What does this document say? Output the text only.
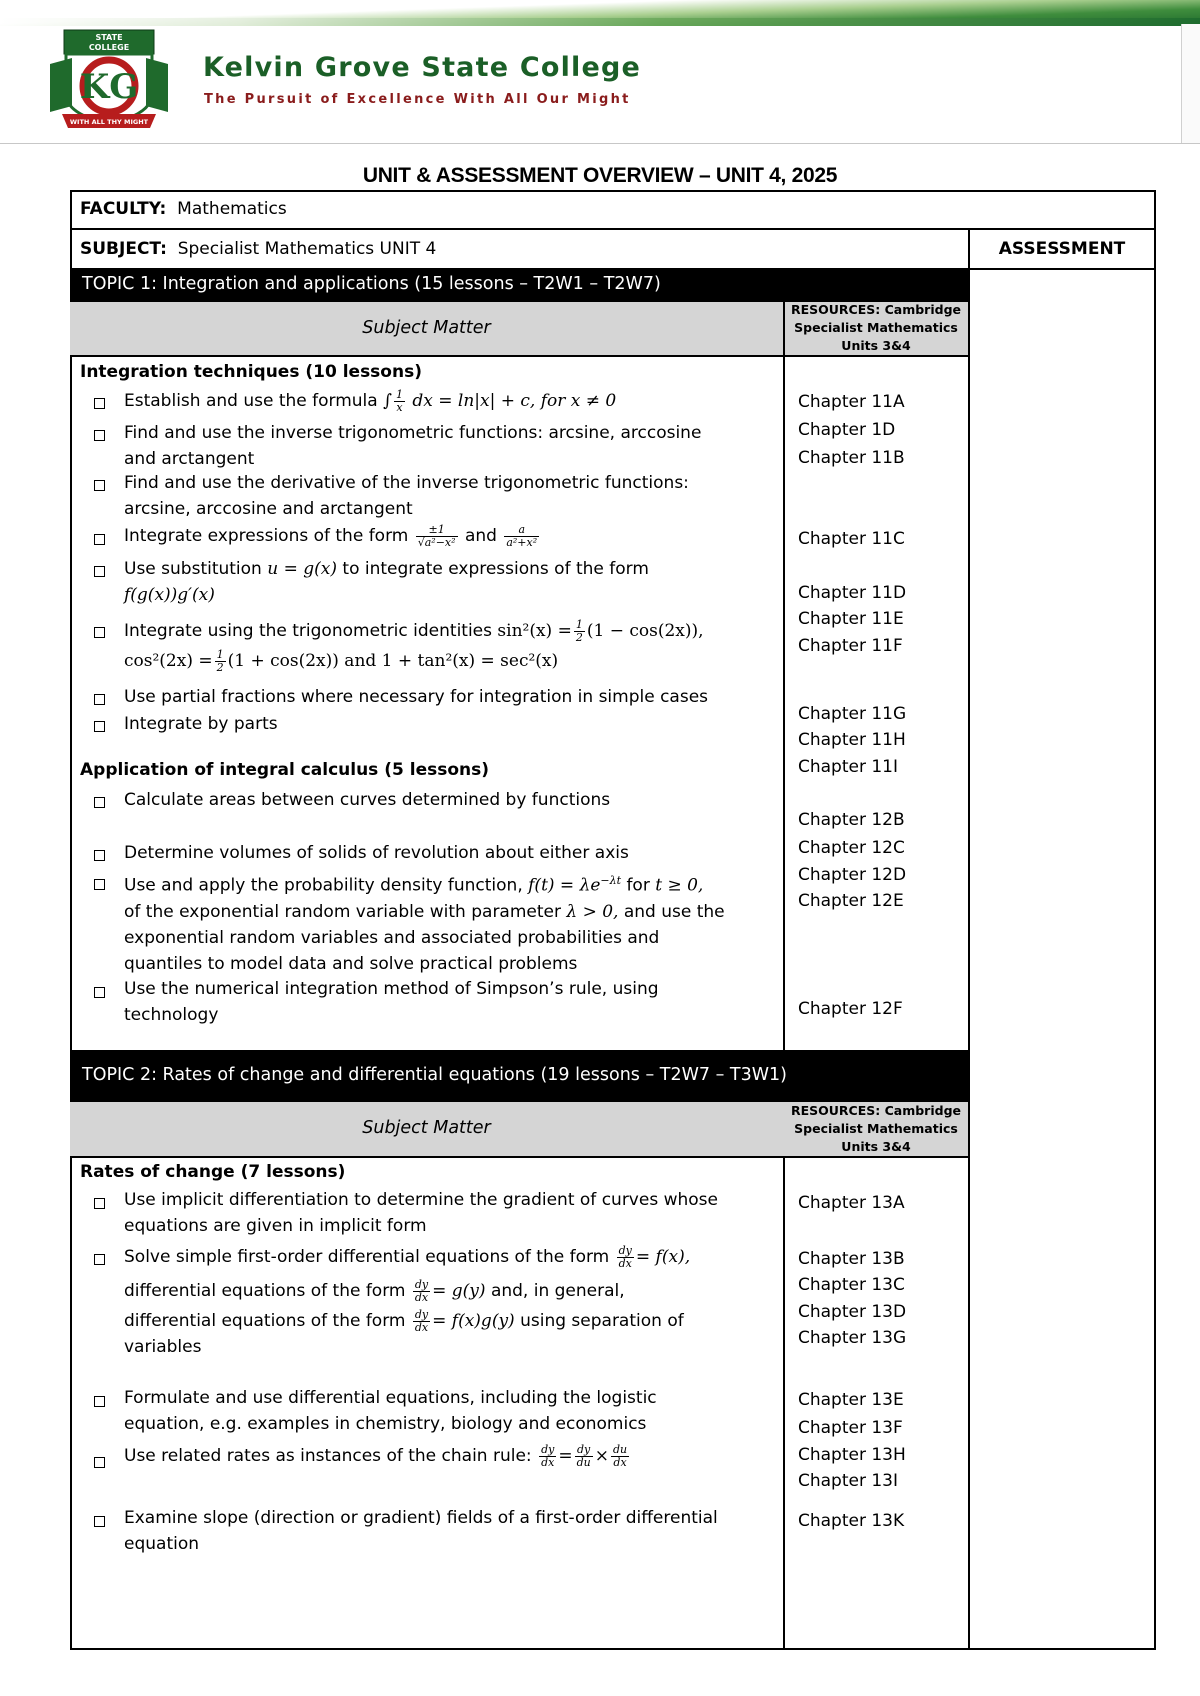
STATE
COLLEGE
KG
WITH ALL THY MIGHT
Kelvin Grove State College
The Pursuit of Excellence With All Our Might
UNIT & ASSESSMENT OVERVIEW – UNIT 4, 2025
FACULTY: Mathematics
SUBJECT: Specialist Mathematics UNIT 4	ASSESSMENT
TOPIC 1: Integration and applications (15 lessons – T2W1 – T2W7)
Subject Matter
RESOURCES: Cambridge
Specialist Mathematics
Units 3&4
Integration techniques (10 lessons)
Establish and use the formula ∫ $\frac{1}{x}$ dx = ln|x| + c, for x ≠ 0
Find and use the inverse trigonometric functions: arcsine, arccosine
and arctangent
Find and use the derivative of the inverse trigonometric functions:
arcsine, arccosine and arctangent
Integrate expressions of the form $\frac{\pm 1}{\text{√a²−x²}}$ and $\frac{a}{\text{a²+x²}}$
Use substitution u = g(x) to integrate expressions of the form
f(g(x))g′(x)
Integrate using the trigonometric identities $\sin^2(x) = \frac{1}{2} (1 - \cos(2x))$,
$\cos^2(2x) = \frac{1}{2} (1 + \cos(2x))$ and 1 + tan²(x) = sec²(x)
Use partial fractions where necessary for integration in simple cases
Integrate by parts
Application of integral calculus (5 lessons)
Calculate areas between curves determined by functions
Determine volumes of solids of revolution about either axis
Use and apply the probability density function, $f(t) = \lambda e^{-\lambda t}$ for t ≥ 0,
of the exponential random variable with parameter λ > 0, and use the
exponential random variables and associated probabilities and
quantiles to model data and solve practical problems
Use the numerical integration method of Simpson’s rule, using
technology
Chapter 11A
Chapter 1D
Chapter 11B
Chapter 11C
Chapter 11D
Chapter 11E
Chapter 11F
Chapter 11G
Chapter 11H
Chapter 11I
Chapter 12B
Chapter 12C
Chapter 12D
Chapter 12E
Chapter 12F
TOPIC 2: Rates of change and differential equations (19 lessons – T2W7 – T3W1)
Subject Matter
RESOURCES: Cambridge
Specialist Mathematics
Units 3&4
Rates of change (7 lessons)
Use implicit differentiation to determine the gradient of curves whose
equations are given in implicit form
Solve simple first-order differential equations of the form $\frac{dy}{dx} = f(x)$,
differential equations of the form $\frac{dy}{dx} = g(y)$ and, in general,
differential equations of the form $\frac{dy}{dx} = f(x)g(y)$ using separation of
variables
Formulate and use differential equations, including the logistic
equation, e.g. examples in chemistry, biology and economics
Use related rates as instances of the chain rule: $\frac{dy}{dx} = \frac{dy}{du} \times \frac{du}{dx}$
Examine slope (direction or gradient) fields of a first-order differential
equation
Chapter 13A
Chapter 13B
Chapter 13C
Chapter 13D
Chapter 13G
Chapter 13E
Chapter 13F
Chapter 13H
Chapter 13I
Chapter 13K
